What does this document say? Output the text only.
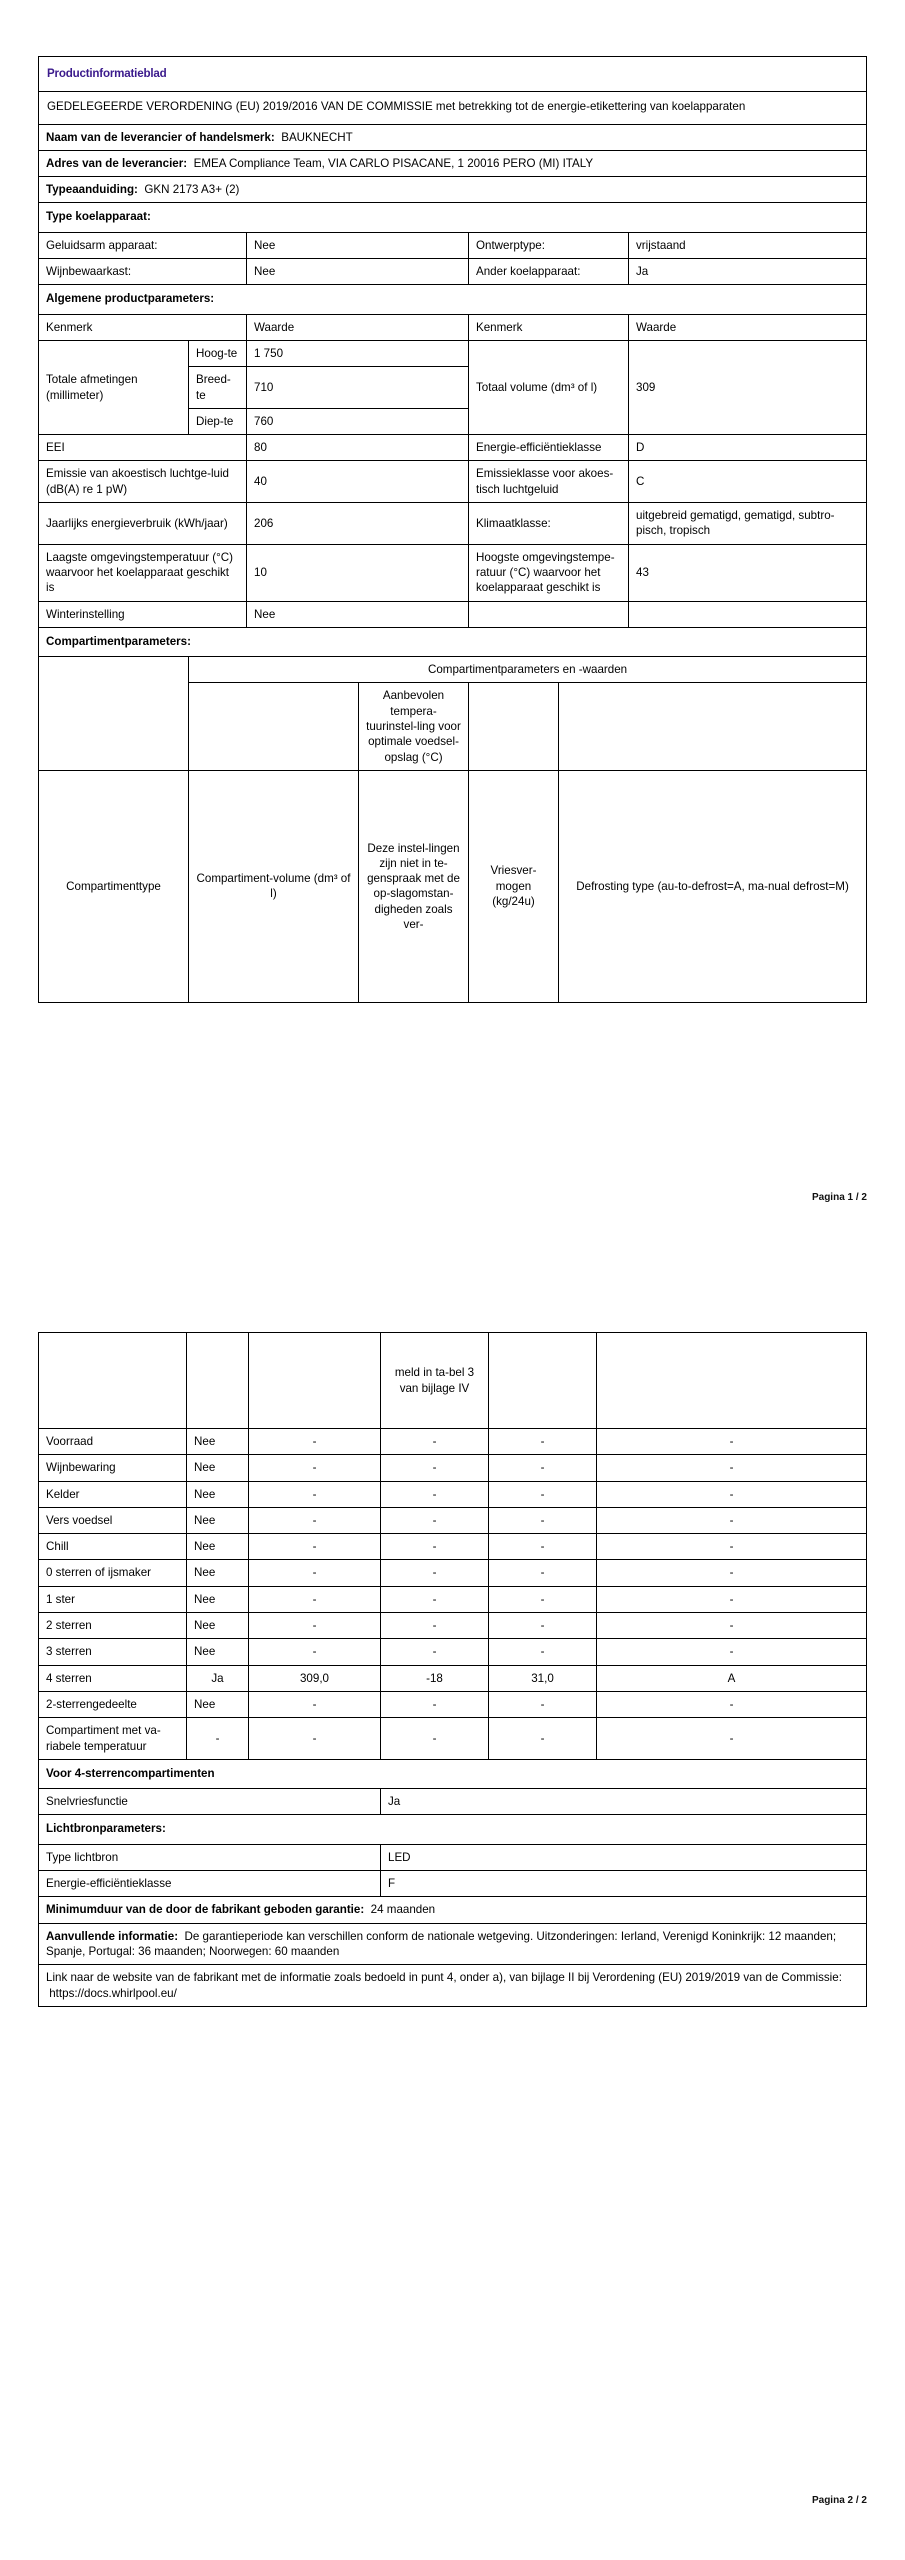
Productinformatieblad						
GEDELEGEERDE VERORDENING (EU) 2019/2016 VAN DE COMMISSIE met betrekking tot de energie-etikettering van koelapparaten						
Naam van de leverancier of handelsmerk: BAUKNECHT						
Adres van de leverancier: EMEA Compliance Team, VIA CARLO PISACANE, 1 20016 PERO (MI) ITALY						
Typeaanduiding: GKN 2173 A3+ (2)						
Type koelapparaat:						
Geluidsarm apparaat:		Nee		Ontwerptype:		vrijstaand
Wijnbewaarkast:		Nee		Ander koelapparaat:		Ja
Algemene productparameters:						
Kenmerk		Waarde		Kenmerk		Waarde
Totale afmetingen (millimeter)	Hoog-te	1 750		Totaal volume (dm³ of l)		309
	Breed-te	710				
	Diep-te	760				
EEI		80		Energie-efficiëntieklasse		D
Emissie van akoestisch luchtge-luid (dB(A) re 1 pW)		40		Emissieklasse voor akoes-tisch luchtgeluid		C
Jaarlijks energieverbruik (kWh/jaar)		206		Klimaatklasse:		uitgebreid gematigd, gematigd, subtro-pisch, tropisch
Laagste omgevingstemperatuur (°C) waarvoor het koelapparaat geschikt is		10		Hoogste omgevingstempe-ratuur (°C) waarvoor het koelapparaat geschikt is		43
Winterinstelling		Nee				
Compartimentparameters:						
	Compartimentparameters en -waarden					
			Aanbevolen tempera-tuurinstel-ling voor optimale voedsel-opslag (°C)			
Compartimenttype	Compartiment-volume (dm³ of l)		Deze instel-lingen zijn niet in te-genspraak met de op-slagomstan-digheden zoals ver-	Vriesver-mogen (kg/24u)	Defrosting type (au-to-defrost=A, ma-nual defrost=M)	
Pagina 1 / 2
			meld in ta-bel 3 van bijlage IV		
Voorraad	Nee	-	-	-	-
Wijnbewaring	Nee	-	-	-	-
Kelder	Nee	-	-	-	-
Vers voedsel	Nee	-	-	-	-
Chill	Nee	-	-	-	-
0 sterren of ijsmaker	Nee	-	-	-	-
1 ster	Nee	-	-	-	-
2 sterren	Nee	-	-	-	-
3 sterren	Nee	-	-	-	-
4 sterren	Ja	309,0	-18	31,0	A
2-sterrengedeelte	Nee	-	-	-	-
Compartiment met va-riabele temperatuur	-	-	-	-	-
Voor 4-sterrencompartimenten					
Snelvriesfunctie			Ja		
Lichtbronparameters:					
Type lichtbron			LED		
Energie-efficiëntieklasse			F		
Minimumduur van de door de fabrikant geboden garantie: 24 maanden					
Aanvullende informatie: De garantieperiode kan verschillen conform de nationale wetgeving. Uitzonderingen: Ierland, Verenigd Koninkrijk: 12 maanden; Spanje, Portugal: 36 maanden; Noorwegen: 60 maanden					
Link naar de website van de fabrikant met de informatie zoals bedoeld in punt 4, onder a), van bijlage II bij Verordening (EU) 2019/2019 van de Commissie:  https://docs.whirlpool.eu/					
Pagina 2 / 2
